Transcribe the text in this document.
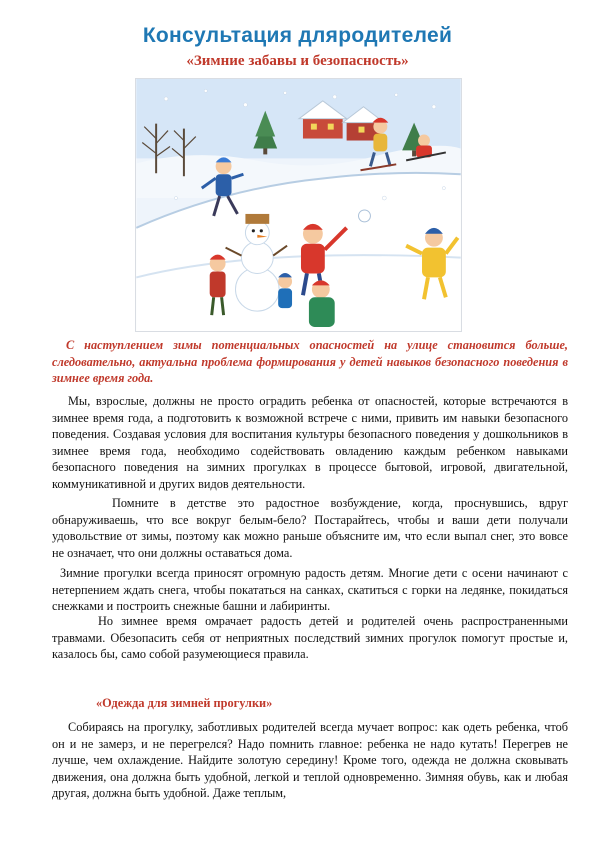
Консультация дляродителей
«Зимние забавы и безопасность»

С наступлением зимы потенциальных опасностей на улице становится больше, следовательно, актуальна проблема формирования у детей навыков безопасного поведения в зимнее время года.

Мы, взрослые, должны не просто оградить ребенка от опасностей, которые встречаются в зимнее время года, а подготовить к возможной встрече с ними, привить им навыки безопасного поведения. Создавая условия для воспитания культуры безопасного поведения у дошкольников в зимнее время года, необходимо содействовать овладению каждым ребенком навыками безопасного поведения на зимних прогулках в процессе бытовой, игровой, двигательной, коммуникативной и других видов деятельности.

Помните в детстве это радостное возбуждение, когда, проснувшись, вдруг обнаруживаешь, что все вокруг белым-бело? Постарайтесь, чтобы и ваши дети получали удовольствие от зимы, поэтому как можно раньше объясните им, что если выпал снег, это вовсе не означает, что они должны оставаться дома.

Зимние прогулки всегда приносят огромную радость детям. Многие дети с осени начинают с нетерпением ждать снега, чтобы покататься на санках, скатиться с горки на ледянке, покидаться снежками и построить снежные башни и лабиринты.

Но зимнее время омрачает радость детей и родителей очень распространенными травмами. Обезопасить себя от неприятных последствий зимних прогулок помогут простые и, казалось бы, само собой разумеющиеся правила.

«Одежда для зимней прогулки»

Собираясь на прогулку, заботливых родителей всегда мучает вопрос: как одеть ребенка, чтоб он и не замерз, и не перегрелся? Надо помнить главное: ребенка не надо кутать! Перегрев не лучше, чем охлаждение. Найдите золотую середину! Кроме того, одежда не должна сковывать движения, она должна быть удобной, легкой и теплой одновременно. Зимняя обувь, как и любая другая, должна быть удобной. Даже теплым,
